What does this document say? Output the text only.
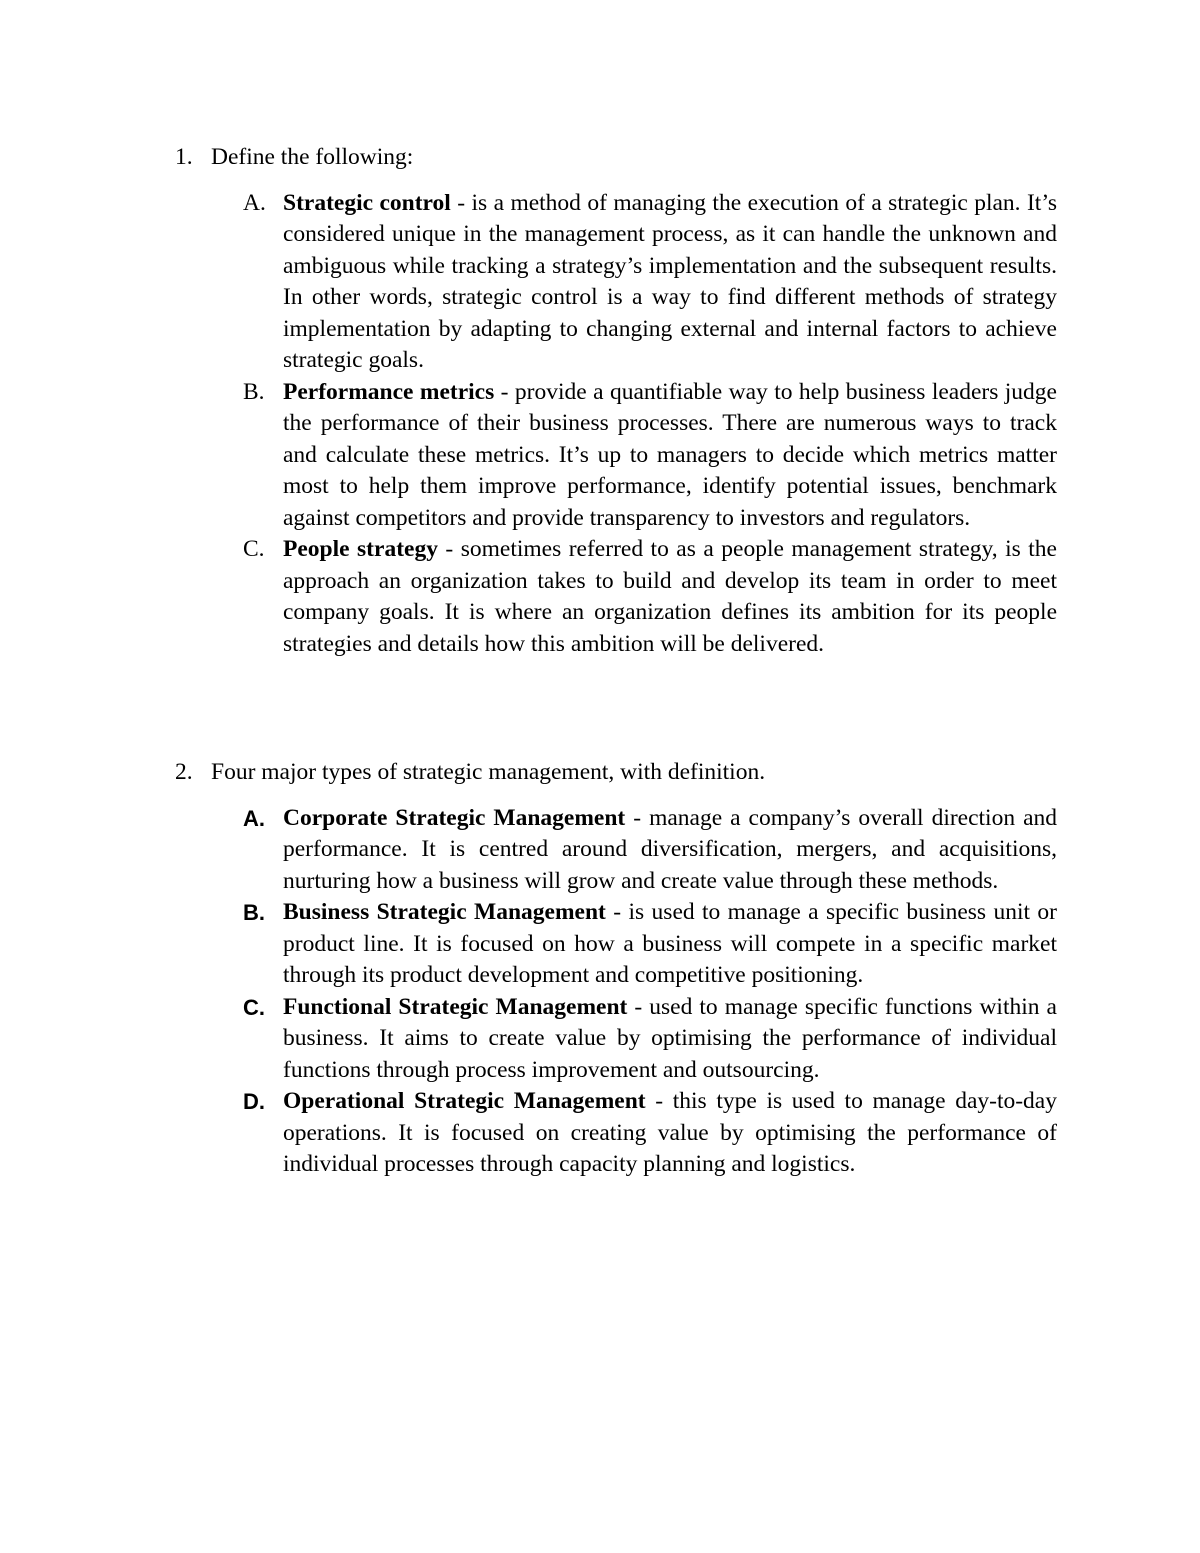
1. Define the following:
A. Strategic control - is a method of managing the execution of a strategic plan. It’s considered unique in the management process, as it can handle the unknown and ambiguous while tracking a strategy’s implementation and the subsequent results. In other words, strategic control is a way to find different methods of strategy implementation by adapting to changing external and internal factors to achieve strategic goals.
B. Performance metrics - provide a quantifiable way to help business leaders judge the performance of their business processes. There are numerous ways to track and calculate these metrics. It’s up to managers to decide which metrics matter most to help them improve performance, identify potential issues, benchmark against competitors and provide transparency to investors and regulators.
C. People strategy - sometimes referred to as a people management strategy, is the approach an organization takes to build and develop its team in order to meet company goals. It is where an organization defines its ambition for its people strategies and details how this ambition will be delivered.
2. Four major types of strategic management, with definition.
A. Corporate Strategic Management - manage a company’s overall direction and performance. It is centred around diversification, mergers, and acquisitions, nurturing how a business will grow and create value through these methods.
B. Business Strategic Management - is used to manage a specific business unit or product line. It is focused on how a business will compete in a specific market through its product development and competitive positioning.
C. Functional Strategic Management - used to manage specific functions within a business. It aims to create value by optimising the performance of individual functions through process improvement and outsourcing.
D. Operational Strategic Management - this type is used to manage day-to-day operations. It is focused on creating value by optimising the performance of individual processes through capacity planning and logistics.
